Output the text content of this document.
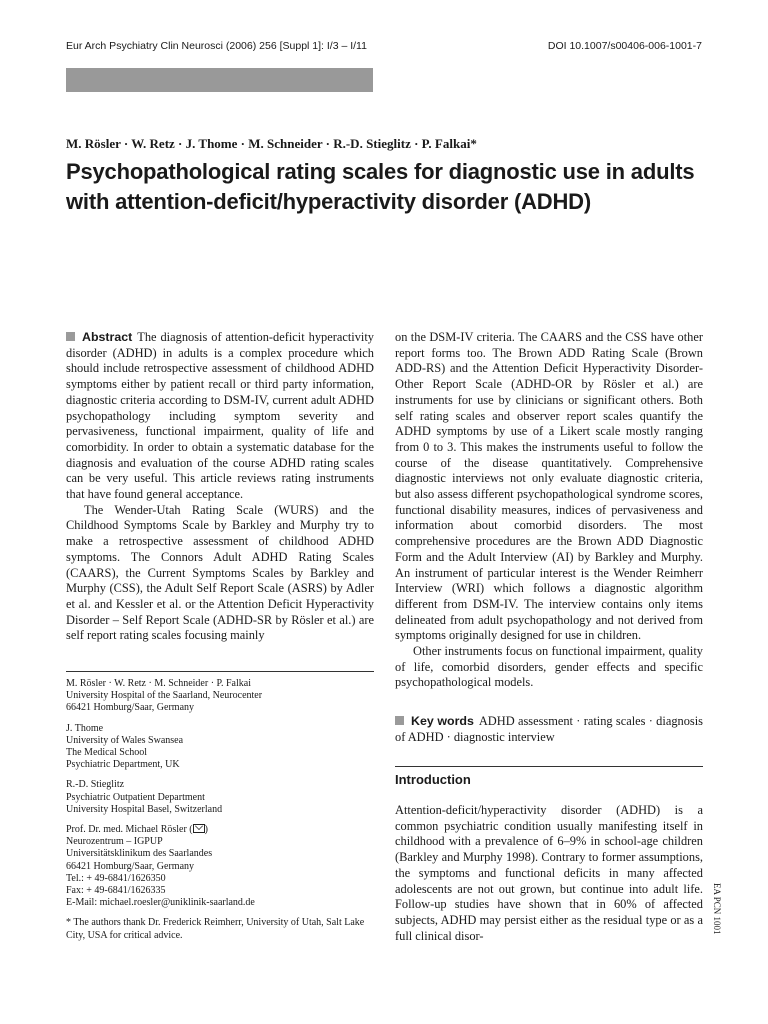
Eur Arch Psychiatry Clin Neurosci (2006) 256 [Suppl 1]: I/3 – I/11	DOI 10.1007/s00406-006-1001-7
M. Rösler · W. Retz · J. Thome · M. Schneider · R.-D. Stieglitz · P. Falkai*
Psychopathological rating scales for diagnostic use in adults
with attention-deficit/hyperactivity disorder (ADHD)

Abstract The diagnosis of attention-deficit hyperactivity disorder (ADHD) in adults is a complex procedure which should include retrospective assessment of childhood ADHD symptoms either by patient recall or third party information, diagnostic criteria according to DSM-IV, current adult ADHD psychopathology including symptom severity and pervasiveness, functional impairment, quality of life and comorbidity. In order to obtain a systematic database for the diagnosis and evaluation of the course ADHD rating scales can be very useful. This article reviews rating instruments that have found general acceptance.

The Wender-Utah Rating Scale (WURS) and the Childhood Symptoms Scale by Barkley and Murphy try to make a retrospective assessment of childhood ADHD symptoms. The Connors Adult ADHD Rating Scales (CAARS), the Current Symptoms Scales by Barkley and Murphy (CSS), the Adult Self Report Scale (ASRS) by Adler et al. and Kessler et al. or the Attention Deficit Hyperactivity Disorder – Self Report Scale (ADHD-SR by Rösler et al.) are self report rating scales focusing mainly

on the DSM-IV criteria. The CAARS and the CSS have other report forms too. The Brown ADD Rating Scale (Brown ADD-RS) and the Attention Deficit Hyperactivity Disorder-Other Report Scale (ADHD-OR by Rösler et al.) are instruments for use by clinicians or significant others. Both self rating scales and observer report scales quantify the ADHD symptoms by use of a Likert scale mostly ranging from 0 to 3. This makes the instruments useful to follow the course of the disease quantitatively. Comprehensive diagnostic interviews not only evaluate diagnostic criteria, but also assess different psychopathological syndrome scores, functional disability measures, indices of pervasiveness and information about comorbid disorders. The most comprehensive procedures are the Brown ADD Diagnostic Form and the Adult Interview (AI) by Barkley and Murphy. An instrument of particular interest is the Wender Reimherr Interview (WRI) which follows a diagnostic algorithm different from DSM-IV. The interview contains only items delineated from adult psychopathology and not derived from symptoms originally designed for use in children.

Other instruments focus on functional impairment, quality of life, comorbid disorders, gender effects and specific psychopathological models.

Key words ADHD assessment · rating scales · diagnosis of ADHD · diagnostic interview
M. Rösler · W. Retz · M. Schneider · P. Falkai
University Hospital of the Saarland, Neurocenter
66421 Homburg/Saar, Germany
J. Thome
University of Wales Swansea
The Medical School
Psychiatric Department, UK
R.-D. Stieglitz
Psychiatric Outpatient Department
University Hospital Basel, Switzerland
Prof. Dr. med. Michael Rösler ( )
Neurozentrum – IGPUP
Universitätsklinikum des Saarlandes
66421 Homburg/Saar, Germany
Tel.: + 49-6841/1626350
Fax: + 49-6841/1626335
E-Mail: michael.roesler@uniklinik-saarland.de
* The authors thank Dr. Frederick Reimherr, University of Utah, Salt Lake City, USA for critical advice.
Introduction
Attention-deficit/hyperactivity disorder (ADHD) is a common psychiatric condition usually manifesting itself in childhood with a prevalence of 6–9% in school-age children (Barkley and Murphy 1998). Contrary to former assumptions, the symptoms and functional deficits in many affected adolescents are not out grown, but continue into adult life. Follow-up studies have shown that in 60% of affected subjects, ADHD may persist either as the residual type or as a full clinical disor-
EA PCN 1001
